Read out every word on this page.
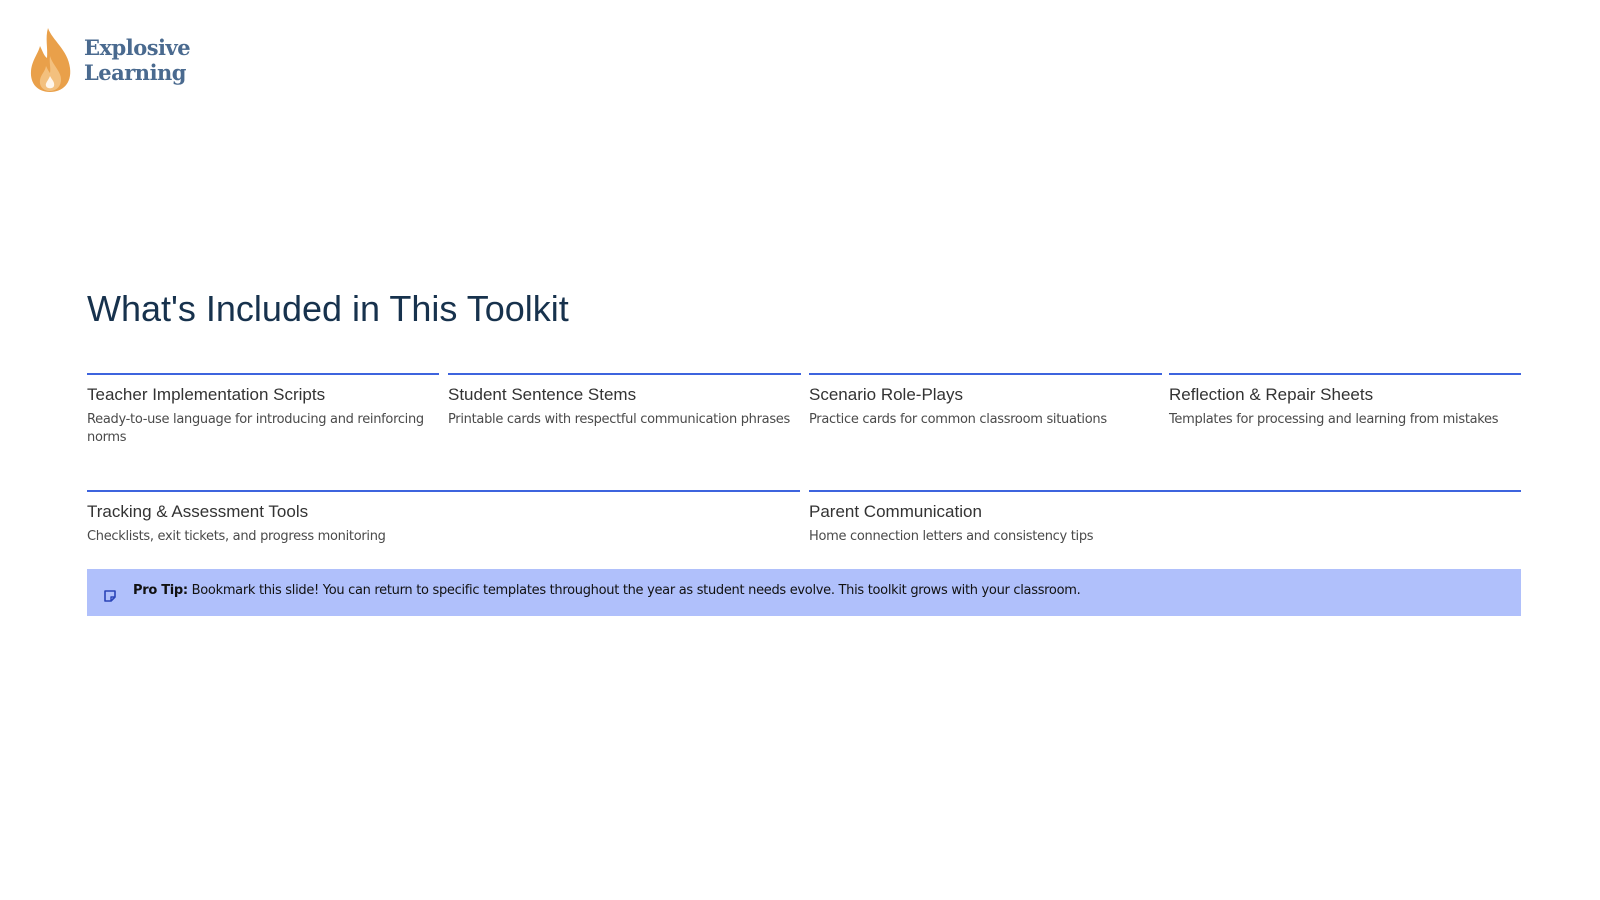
Explosive
Learning
What's Included in This Toolkit

Teacher Implementation Scripts

Ready-to-use language for introducing and reinforcing norms

Student Sentence Stems

Printable cards with respectful communication phrases

Scenario Role-Plays

Practice cards for common classroom situations

Reflection & Repair Sheets

Templates for processing and learning from mistakes

Tracking & Assessment Tools

Checklists, exit tickets, and progress monitoring

Parent Communication

Home connection letters and consistency tips

Pro Tip: Bookmark this slide! You can return to specific templates throughout the year as student needs evolve. This toolkit grows with your classroom.
